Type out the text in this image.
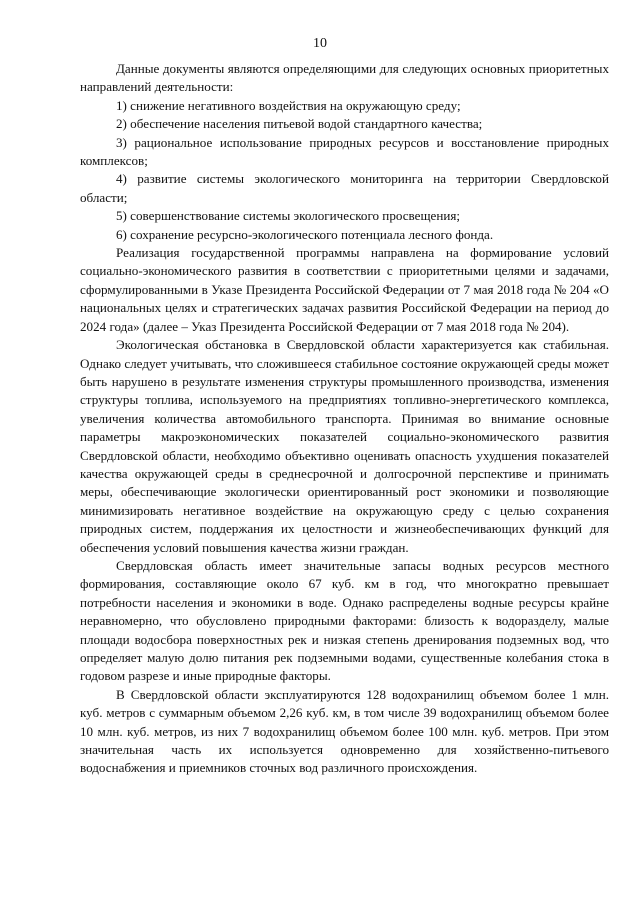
10

Данные документы являются определяющими для следующих основных приоритетных направлений деятельности:

1) снижение негативного воздействия на окружающую среду;

2) обеспечение населения питьевой водой стандартного качества;

3) рациональное использование природных ресурсов и восстановление природных комплексов;

4) развитие системы экологического мониторинга на территории Свердловской области;

5) совершенствование системы экологического просвещения;

6) сохранение ресурсно-экологического потенциала лесного фонда.

Реализация государственной программы направлена на формирование условий социально-экономического развития в соответствии с приоритетными целями и задачами, сформулированными в Указе Президента Российской Федерации от 7 мая 2018 года № 204 «О национальных целях и стратегических задачах развития Российской Федерации на период до 2024 года» (далее – Указ Президента Российской Федерации от 7 мая 2018 года № 204).

Экологическая обстановка в Свердловской области характеризуется как стабильная. Однако следует учитывать, что сложившееся стабильное состояние окружающей среды может быть нарушено в результате изменения структуры промышленного производства, изменения структуры топлива, используемого на предприятиях топливно-энергетического комплекса, увеличения количества автомобильного транспорта. Принимая во внимание основные параметры макроэкономических показателей социально-экономического развития Свердловской области, необходимо объективно оценивать опасность ухудшения показателей качества окружающей среды в среднесрочной и долгосрочной перспективе и принимать меры, обеспечивающие экологически ориентированный рост экономики и позволяющие минимизировать негативное воздействие на окружающую среду с целью сохранения природных систем, поддержания их целостности и жизнеобеспечивающих функций для обеспечения условий повышения качества жизни граждан.

Свердловская область имеет значительные запасы водных ресурсов местного формирования, составляющие около 67 куб. км в год, что многократно превышает потребности населения и экономики в воде. Однако распределены водные ресурсы крайне неравномерно, что обусловлено природными факторами: близость к водоразделу, малые площади водосбора поверхностных рек и низкая степень дренирования подземных вод, что определяет малую долю питания рек подземными водами, существенные колебания стока в годовом разрезе и иные природные факторы.

В Свердловской области эксплуатируются 128 водохранилищ объемом более 1 млн. куб. метров с суммарным объемом 2,26 куб. км, в том числе 39 водохранилищ объемом более 10 млн. куб. метров, из них 7 водохранилищ объемом более 100 млн. куб. метров. При этом значительная часть их используется одновременно для хозяйственно-питьевого водоснабжения и приемников сточных вод различного происхождения.
